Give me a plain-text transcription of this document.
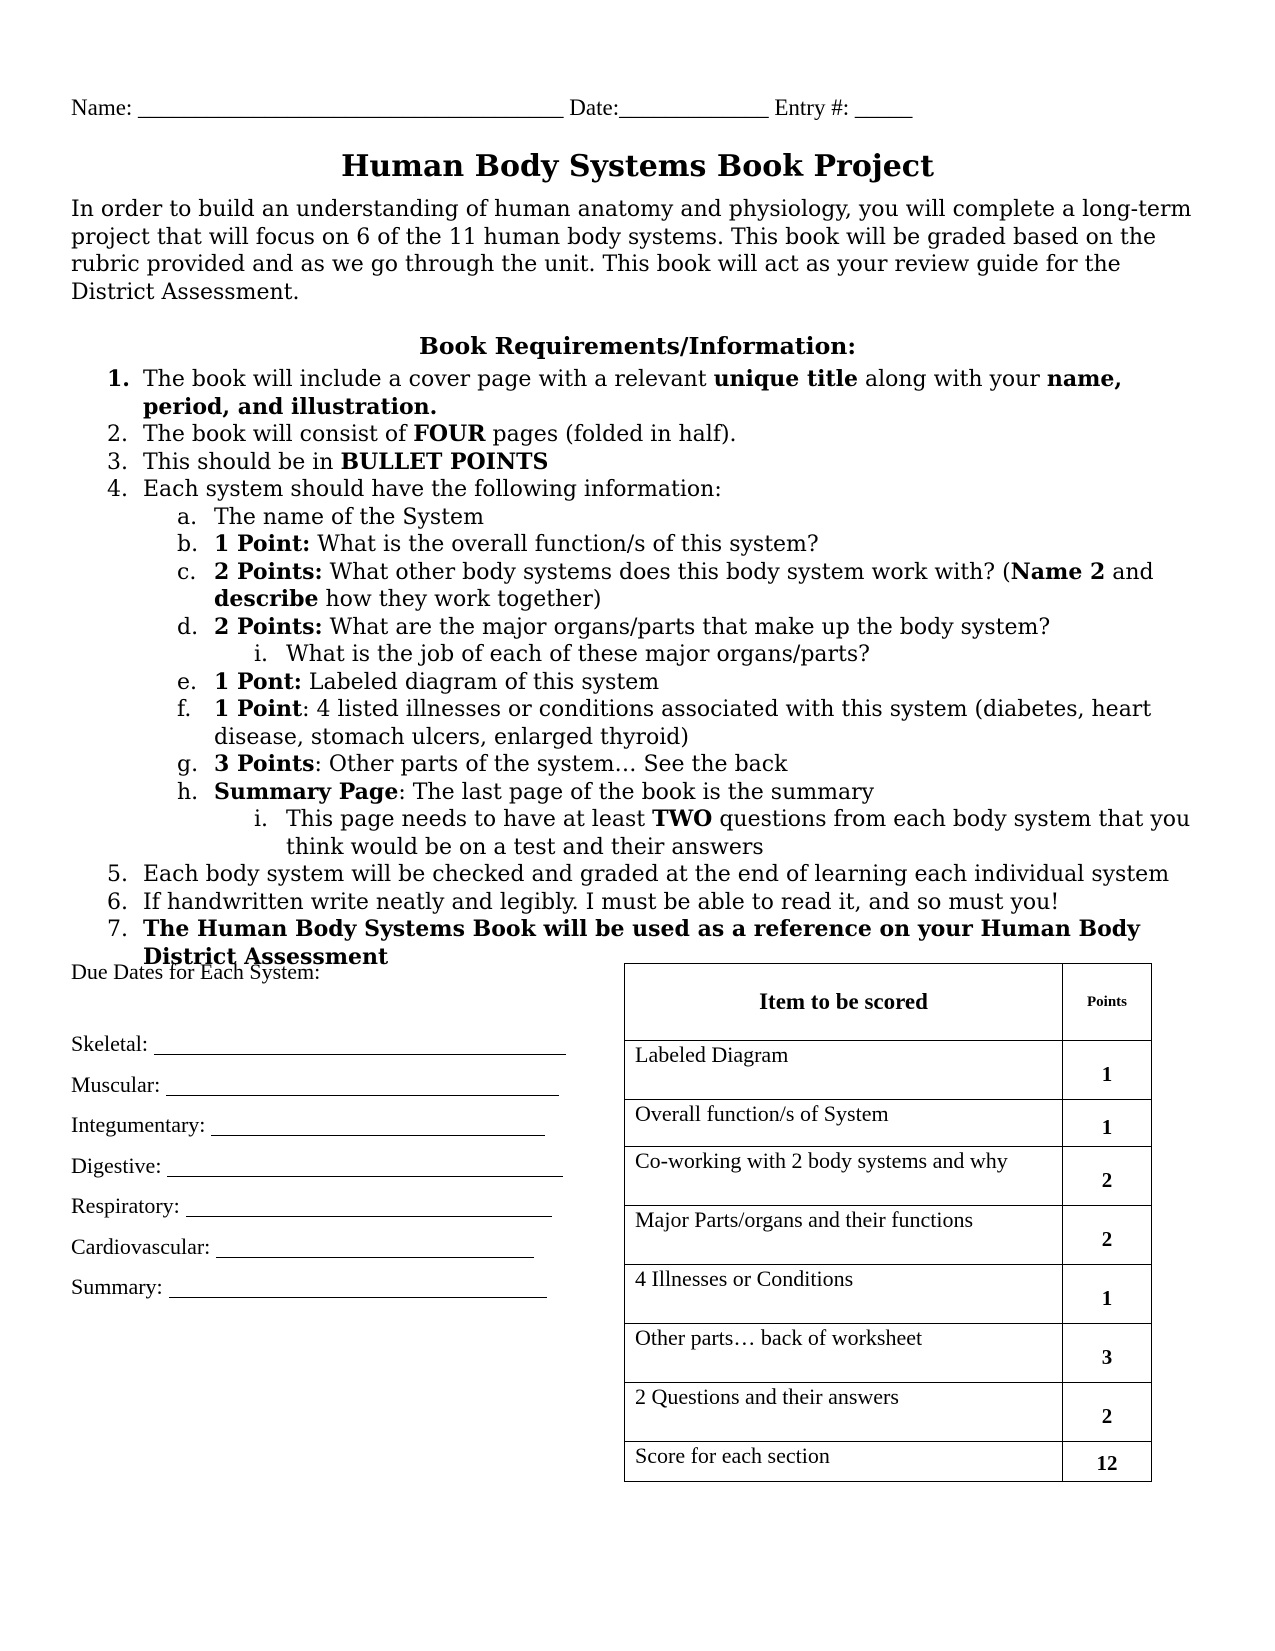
Name: _____________________________________ Date:_____________ Entry #: _____
Human Body Systems Book Project
In order to build an understanding of human anatomy and physiology, you will complete a long-term project that will focus on 6 of the 11 human body systems. This book will be graded based on the rubric provided and as we go through the unit. This book will act as your review guide for the District Assessment.
Book Requirements/Information:
1. The book will include a cover page with a relevant unique title along with your name, period, and illustration.
2. The book will consist of FOUR pages (folded in half).
3. This should be in BULLET POINTS
4. Each system should have the following information:
a. The name of the System
b. 1 Point: What is the overall function/s of this system?
c. 2 Points: What other body systems does this body system work with? (Name 2 and describe how they work together)
d. 2 Points: What are the major organs/parts that make up the body system?
i. What is the job of each of these major organs/parts?
e. 1 Pont: Labeled diagram of this system
f.	1 Point: 4 listed illnesses or conditions associated with this system (diabetes, heart disease, stomach ulcers, enlarged thyroid)
g. 3 Points: Other parts of the system… See the back
h. Summary Page: The last page of the book is the summary
i. This page needs to have at least TWO questions from each body system that you think would be on a test and their answers
5. Each body system will be checked and graded at the end of learning each individual system
6. If handwritten write neatly and legibly. I must be able to read it, and so must you!
7. The Human Body Systems Book will be used as a reference on your Human Body District Assessment
Due Dates for Each System:
Skeletal:
Muscular:
Integumentary:
Digestive:
Respiratory:
Cardiovascular:
Summary:
Item to be scored	Points
Labeled Diagram	1
Overall function/s of System	1
Co-working with 2 body systems and why	2
Major Parts/organs and their functions	2
4 Illnesses or Conditions	1
Other parts… back of worksheet	3
2 Questions and their answers	2
Score for each section	12
